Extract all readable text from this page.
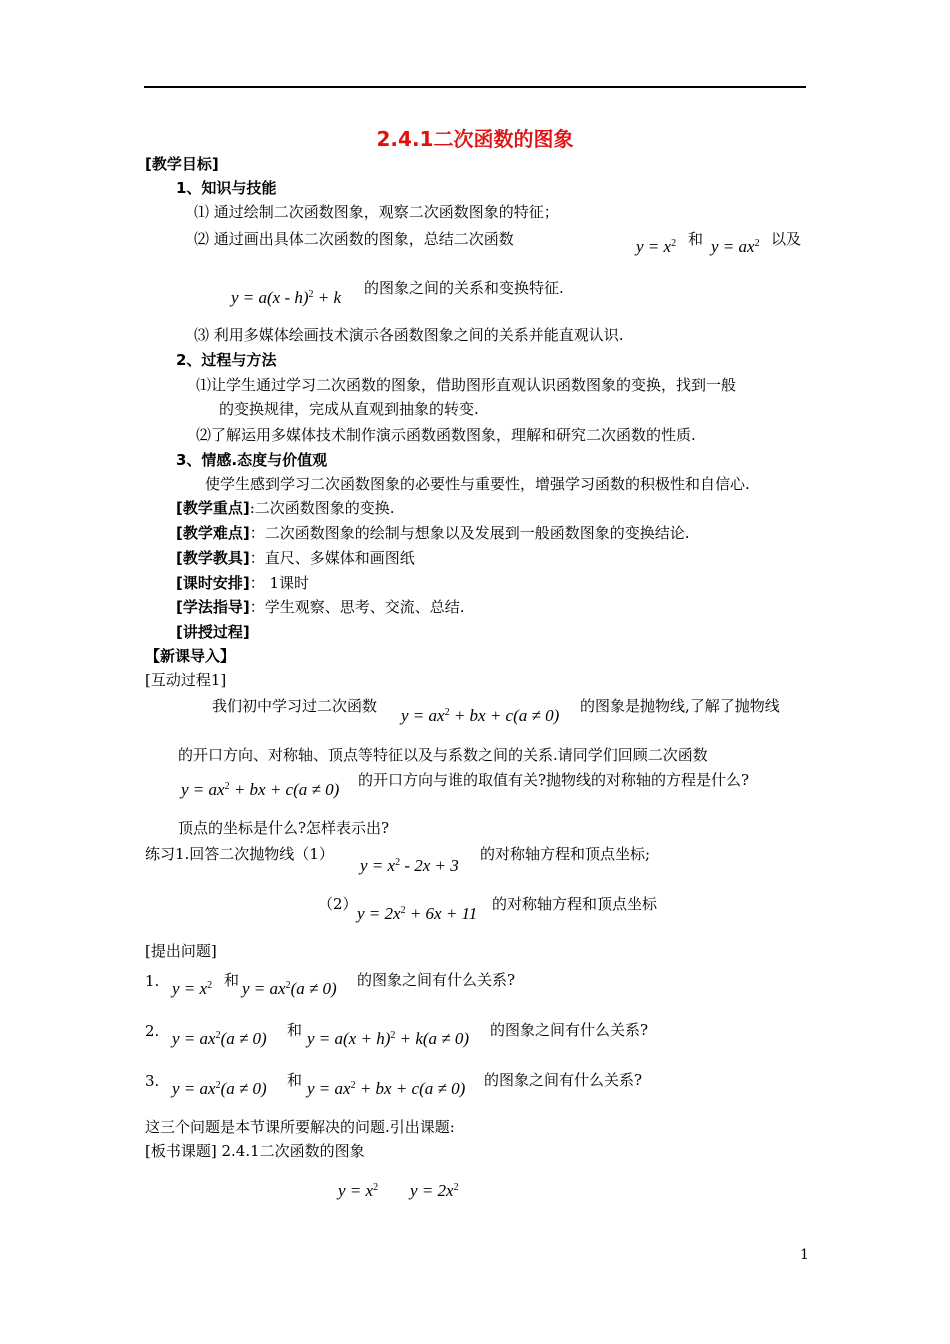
2.4.1二次函数的图象
[教学目标]
1、知识与技能
⑴ 通过绘制二次函数图象，观察二次函数图象的特征；
⑵ 通过画出具体二次函数的图象，总结二次函数	$y = x^2$ 和 $y = ax^2$ 以及
y = a(x - h)$^2$ + k 的图象之间的关系和变换特征.
⑶ 利用多媒体绘画技术演示各函数图象之间的关系并能直观认识.
2、过程与方法
⑴让学生通过学习二次函数的图象，借助图形直观认识函数图象的变换，找到一般
的变换规律，完成从直观到抽象的转变.
⑵了解运用多媒体技术制作演示函数函数图象，理解和研究二次函数的性质.
3、情感.态度与价值观
使学生感到学习二次函数图象的必要性与重要性，增强学习函数的积极性和自信心.
[教学重点]:二次函数图象的变换.
[教学难点]：二次函数图象的绘制与想象以及发展到一般函数图象的变换结论.
[教学教具]：直尺、多媒体和画图纸
[课时安排]： 1课时
[学法指导]：学生观察、思考、交流、总结.
[讲授过程]
【新课导入】
[互动过程1]
我们初中学习过二次函数 $y = ax^2$ + bx + c(a ≠ 0) 的图象是抛物线,了解了抛物线
的开口方向、对称轴、顶点等特征以及与系数之间的关系.请同学们回顾二次函数
$y = ax^2$ + bx + c(a ≠ 0) 的开口方向与谁的取值有关?抛物线的对称轴的方程是什么?
顶点的坐标是什么?怎样表示出?
练习1.回答二次抛物线（1）
$y = x^2 - 2x + 3$
的对称轴方程和顶点坐标;
（2） $y = 2x^2 + 6x + 11$ 的对称轴方程和顶点坐标
[提出问题]
1. $y = x^2$ 和 $y = ax^2(a \ne 0)$ 的图象之间有什么关系?
2. $y = ax^2(a \ne 0)$ 和 $y = a(x + h)^2 + k(a \ne 0)$ 的图象之间有什么关系?
3. $y = ax^2(a \ne 0)$ 和 $y = ax^2$ + bx + c(a ≠ 0) 的图象之间有什么关系?
这三个问题是本节课所要解决的问题.引出课题:
[板书课题] 2.4.1二次函数的图象
$y = x^2$ $y = 2x^2$
1
